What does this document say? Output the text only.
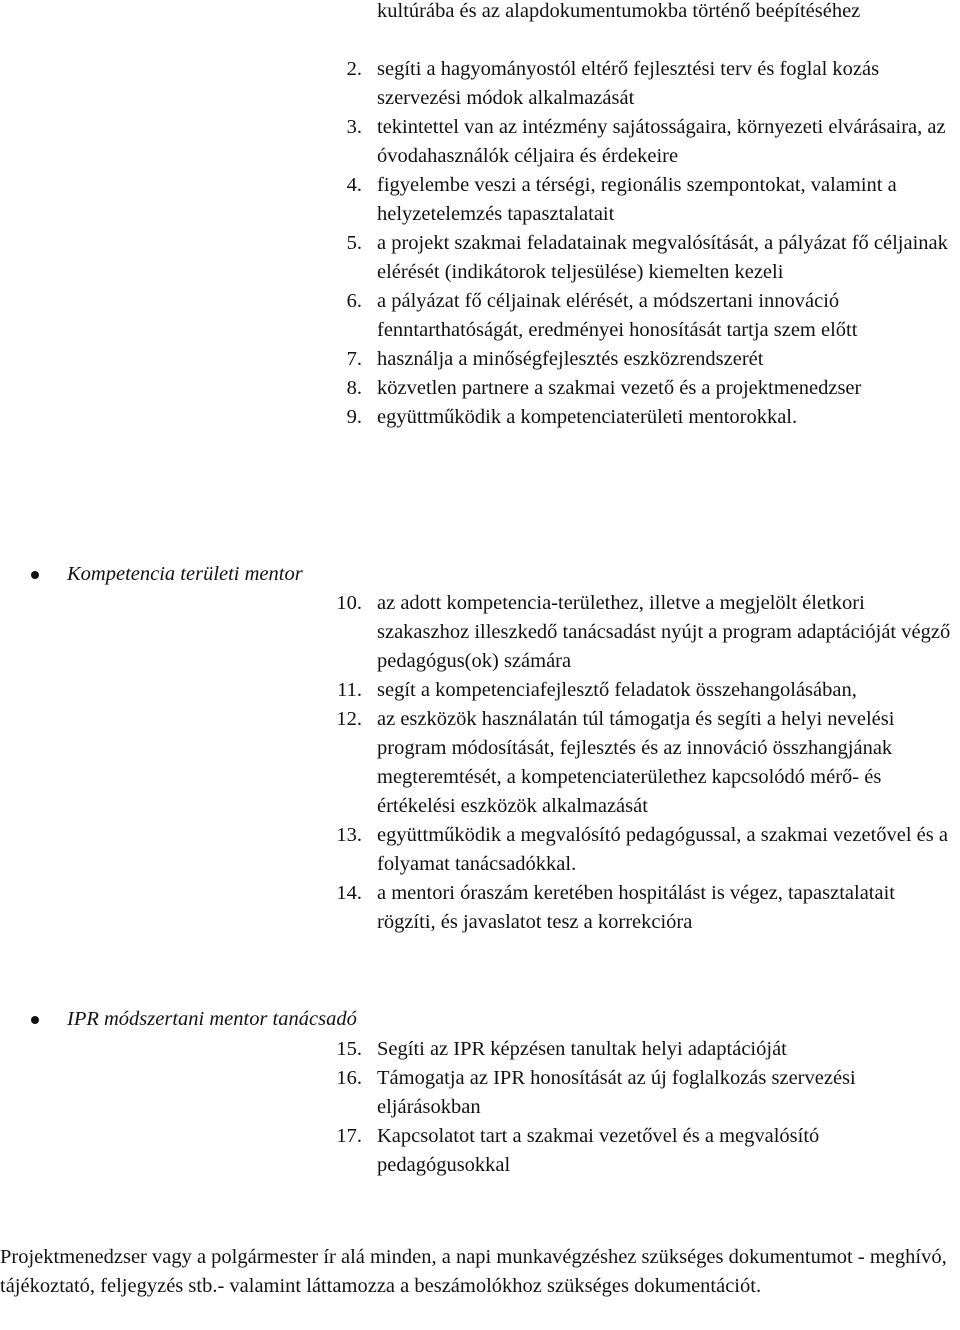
kultúrába és az alapdokumentumokba történő beépítéséhez
2. segíti a hagyományostól eltérő fejlesztési terv és foglal kozás szervezési módok alkalmazását
3. tekintettel van az intézmény sajátosságaira, környezeti elvárásaira, az óvodahasználók céljaira és érdekeire
4. figyelembe veszi a térségi, regionális szempontokat, valamint a helyzetelemzés tapasztalatait
5. a projekt szakmai feladatainak megvalósítását, a pályázat fő céljainak elérését (indikátorok teljesülése) kiemelten kezeli
6. a pályázat fő céljainak elérését, a módszertani innováció fenntarthatóságát, eredményei honosítását tartja szem előtt
7. használja a minőségfejlesztés eszközrendszerét
8. közvetlen partnere a szakmai vezető és a projektmenedzser
9. együttműködik a kompetenciaterületi mentorokkal.
Kompetencia területi mentor
10. az adott kompetencia-területhez, illetve a megjelölt életkori szakaszhoz illeszkedő tanácsadást nyújt a program adaptációját végző pedagógus(ok) számára
11. segít a kompetenciafejlesztő feladatok összehangolásában,
12. az eszközök használatán túl támogatja és segíti a helyi nevelési program módosítását, fejlesztés és az innováció összhangjának megteremtését, a kompetenciaterülethez kapcsolódó mérő- és értékelési eszközök alkalmazását
13. együttműködik a megvalósító pedagógussal, a szakmai vezetővel és a folyamat tanácsadókkal.
14. a mentori óraszám keretében hospitálást is végez, tapasztalatait rögzíti, és javaslatot tesz a korrekcióra
IPR módszertani mentor tanácsadó
15. Segíti az IPR képzésen tanultak helyi adaptációját
16. Támogatja az IPR honosítását az új foglalkozás szervezési eljárásokban
17. Kapcsolatot tart a szakmai vezetővel és a megvalósító pedagógusokkal

Projektmenedzser vagy a polgármester ír alá minden, a napi munkavégzéshez szükséges dokumentumot - meghívó, tájékoztató, feljegyzés stb.- valamint láttamozza a beszámolókhoz szükséges dokumentációt.
